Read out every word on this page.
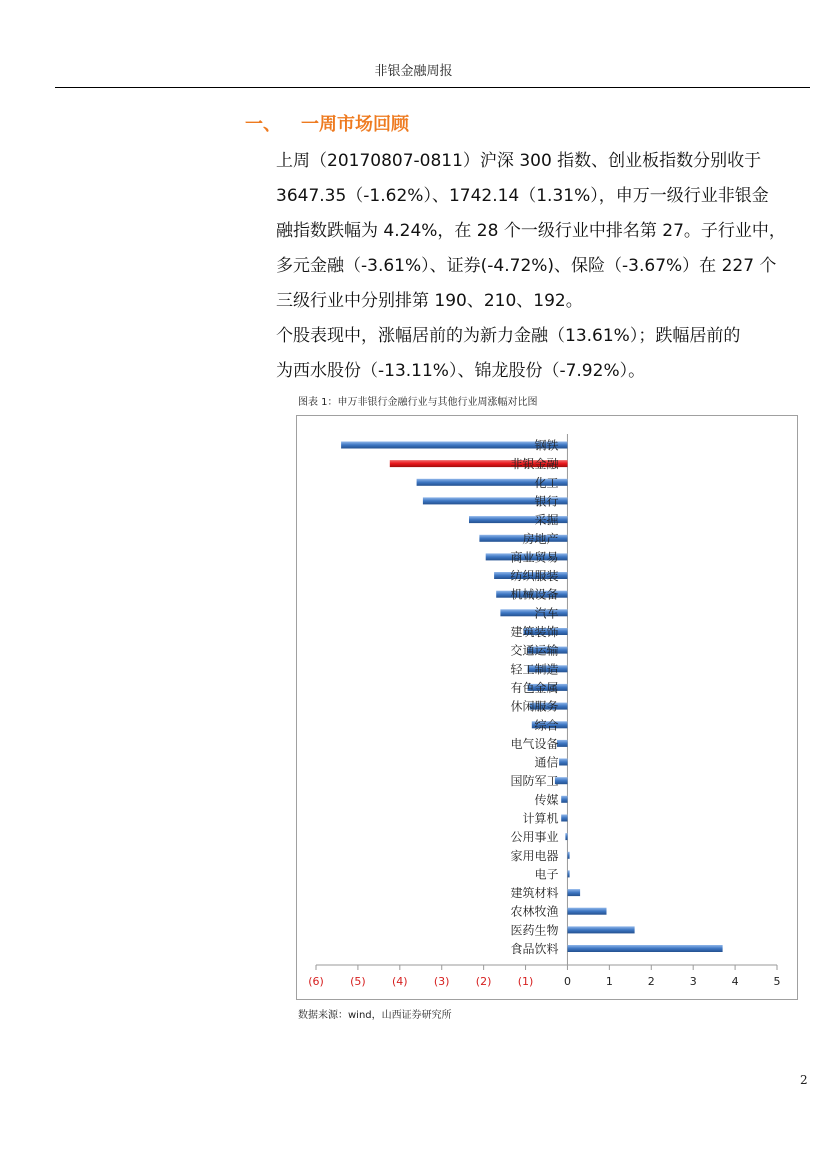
非银金融周报
一、 一周市场回顾
上周（20170807-0811）沪深 300 指数、创业板指数分别收于
3647.35（-1.62%）、1742.14（1.31%），申万一级行业非银金
融指数跌幅为 4.24%，在 28 个一级行业中排名第 27。子行业中，
多元金融（-3.61%）、证券(-4.72%)、保险（-3.67%）在 227 个
三级行业中分别排第 190、210、192。
个股表现中，涨幅居前的为新力金融（13.61%）；跌幅居前的
为西水股份（-13.11%）、锦龙股份（-7.92%）。
图表 1：申万非银行金融行业与其他行业周涨幅对比图
钢铁
非银金融
化工
银行
采掘
房地产
商业贸易
纺织服装
机械设备
汽车
建筑装饰
交通运输
轻工制造
有色金属
休闲服务
综合
电气设备
通信
国防军工
传媒
计算机
公用事业
家用电器
电子
建筑材料
农林牧渔
医药生物
食品饮料
(6) (5) (4) (3) (2) (1)	0	1	2	3	4	5
数据来源：wind，山西证券研究所
2
